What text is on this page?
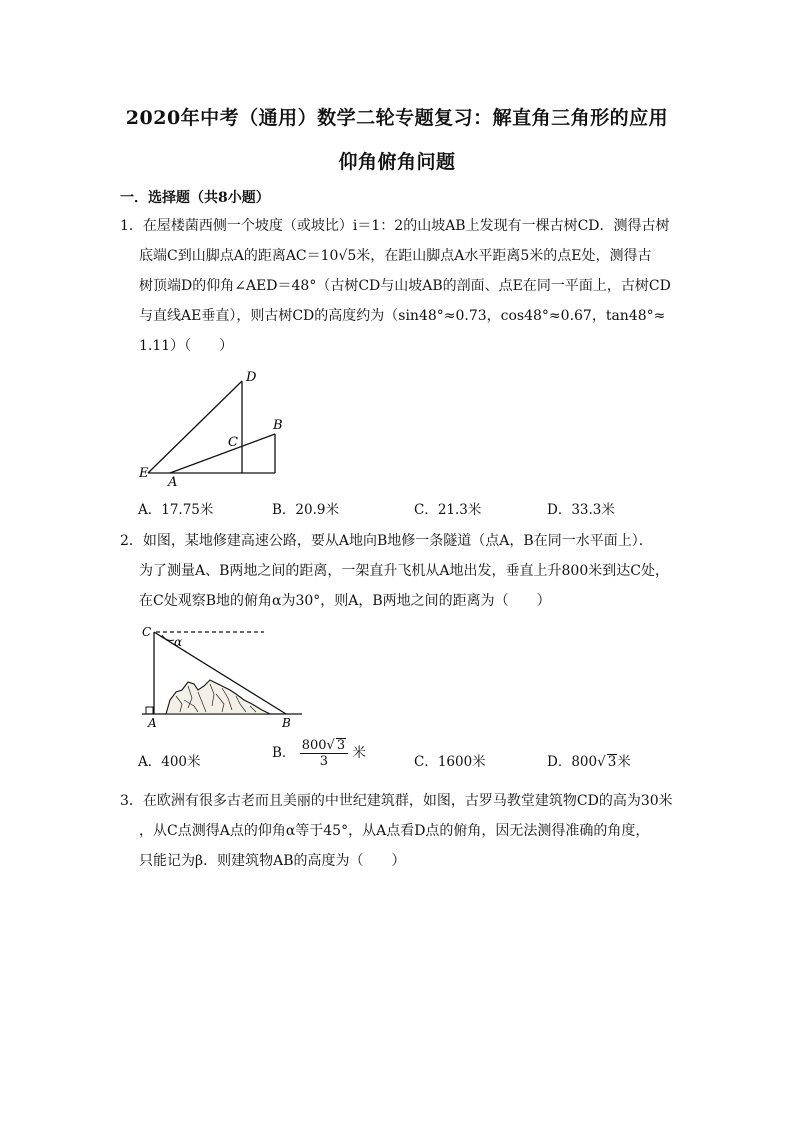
2020年中考（通用）数学二轮专题复习：解直角三角形的应用
仰角俯角问题
一．选择题（共8小题）

1．在屋楼菌西侧一个坡度（或坡比）i＝1：2的山坡AB上发现有一棵古树CD．测得古树

底端C到山脚点A的距离AC＝10√5米，在距山脚点A水平距离5米的点E处，测得古

树顶端D的仰角∠AED＝48°（古树CD与山坡AB的剖面、点E在同一平面上，古树CD

与直线AE垂直），则古树CD的高度约为（sin48°≈0.73，cos48°≈0.67，tan48°≈

1.11）（　　）

D
C
B
E
A
A．17.75米	B．20.9米	C．21.3米	D．33.3米

2．如图，某地修建高速公路，要从A地向B地修一条隧道（点A，B在同一水平面上）．

为了测量A、B两地之间的距离，一架直升飞机从A地出发，垂直上升800米到达C处，

在C处观察B地的俯角α为30°，则A，B两地之间的距离为（　　）

C
α
A	B
A．400米
B． $\frac{800√ 3}{3}$ 米
C．1600米	D．800√ 3米

3．在欧洲有很多古老而且美丽的中世纪建筑群，如图，古罗马教堂建筑物CD的高为30米

，从C点测得A点的仰角α等于45°，从A点看D点的俯角，因无法测得准确的角度，

只能记为β．则建筑物AB的高度为（　　）
